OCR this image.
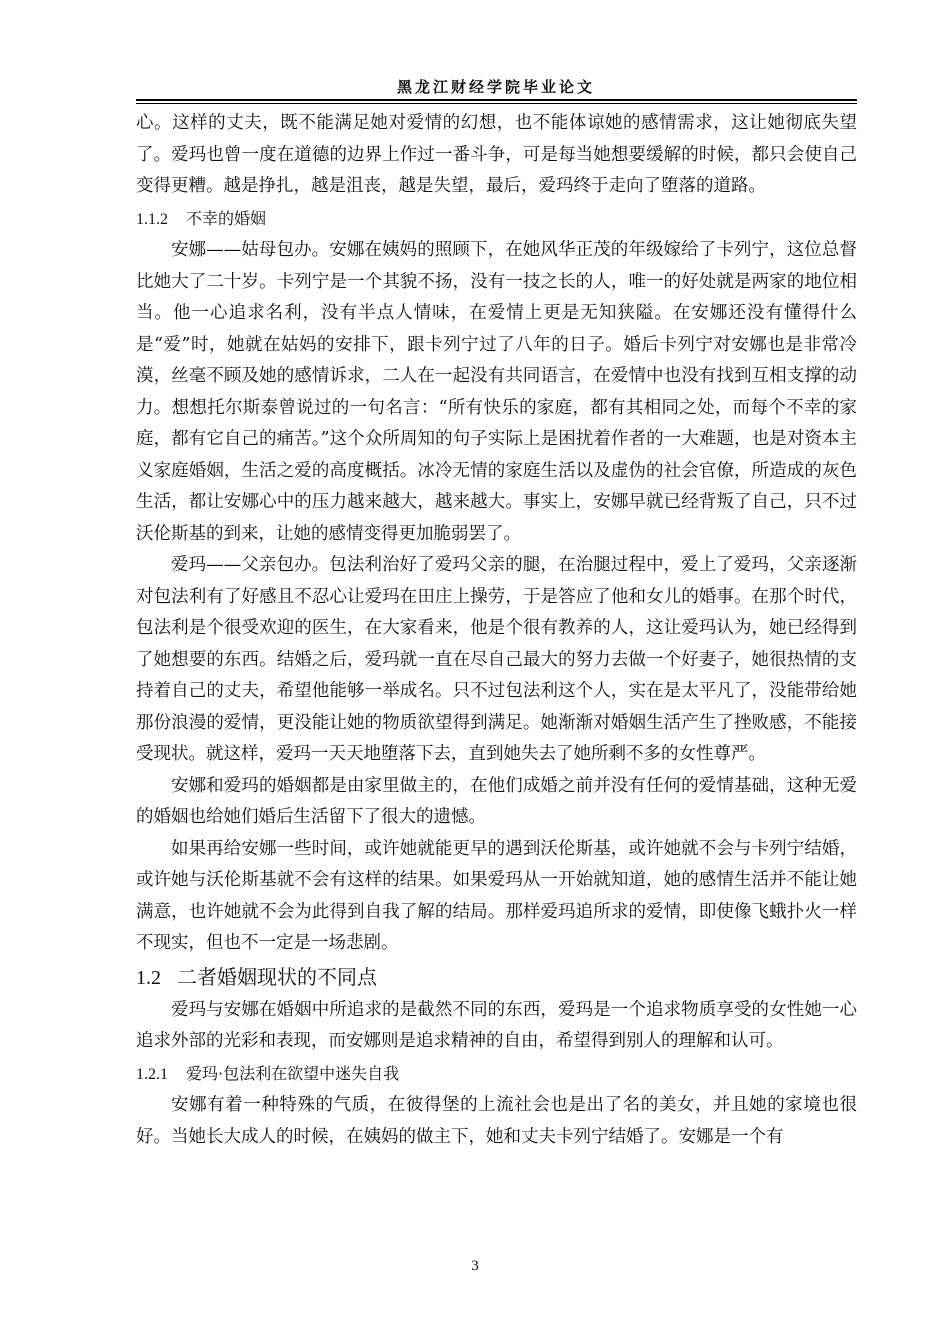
黑龙江财经学院毕业论文

心。这样的丈夫，既不能满足她对爱情的幻想，也不能体谅她的感情需求，这让她彻底失望了。爱玛也曾一度在道德的边界上作过一番斗争，可是每当她想要缓解的时候，都只会使自己变得更糟。越是挣扎，越是沮丧，越是失望，最后，爱玛终于走向了堕落的道路。

1.1.2 不幸的婚姻

安娜——姑母包办。安娜在姨妈的照顾下，在她风华正茂的年级嫁给了卡列宁，这位总督比她大了二十岁。卡列宁是一个其貌不扬，没有一技之长的人，唯一的好处就是两家的地位相当。他一心追求名利，没有半点人情味，在爱情上更是无知狭隘。在安娜还没有懂得什么是“爱”时，她就在姑妈的安排下，跟卡列宁过了八年的日子。婚后卡列宁对安娜也是非常冷漠，丝毫不顾及她的感情诉求，二人在一起没有共同语言，在爱情中也没有找到互相支撑的动力。想想托尔斯泰曾说过的一句名言：“所有快乐的家庭，都有其相同之处，而每个不幸的家庭，都有它自己的痛苦。”这个众所周知的句子实际上是困扰着作者的一大难题，也是对资本主义家庭婚姻，生活之爱的高度概括。冰冷无情的家庭生活以及虚伪的社会官僚，所造成的灰色生活，都让安娜心中的压力越来越大，越来越大。事实上，安娜早就已经背叛了自己，只不过沃伦斯基的到来，让她的感情变得更加脆弱罢了。

爱玛——父亲包办。包法利治好了爱玛父亲的腿，在治腿过程中，爱上了爱玛，父亲逐渐对包法利有了好感且不忍心让爱玛在田庄上操劳，于是答应了他和女儿的婚事。在那个时代，包法利是个很受欢迎的医生，在大家看来，他是个很有教养的人，这让爱玛认为，她已经得到了她想要的东西。结婚之后，爱玛就一直在尽自己最大的努力去做一个好妻子，她很热情的支持着自己的丈夫，希望他能够一举成名。只不过包法利这个人，实在是太平凡了，没能带给她那份浪漫的爱情，更没能让她的物质欲望得到满足。她渐渐对婚姻生活产生了挫败感，不能接受现状。就这样，爱玛一天天地堕落下去，直到她失去了她所剩不多的女性尊严。

安娜和爱玛的婚姻都是由家里做主的，在他们成婚之前并没有任何的爱情基础，这种无爱的婚姻也给她们婚后生活留下了很大的遗憾。

如果再给安娜一些时间，或许她就能更早的遇到沃伦斯基，或许她就不会与卡列宁结婚，或许她与沃伦斯基就不会有这样的结果。如果爱玛从一开始就知道，她的感情生活并不能让她满意，也许她就不会为此得到自我了解的结局。那样爱玛追所求的爱情，即使像飞蛾扑火一样不现实，但也不一定是一场悲剧。

1.2 二者婚姻现状的不同点

爱玛与安娜在婚姻中所追求的是截然不同的东西，爱玛是一个追求物质享受的女性她一心追求外部的光彩和表现，而安娜则是追求精神的自由，希望得到别人的理解和认可。

1.2.1 爱玛·包法利在欲望中迷失自我

安娜有着一种特殊的气质，在彼得堡的上流社会也是出了名的美女，并且她的家境也很好。当她长大成人的时候，在姨妈的做主下，她和丈夫卡列宁结婚了。安娜是一个有

3
